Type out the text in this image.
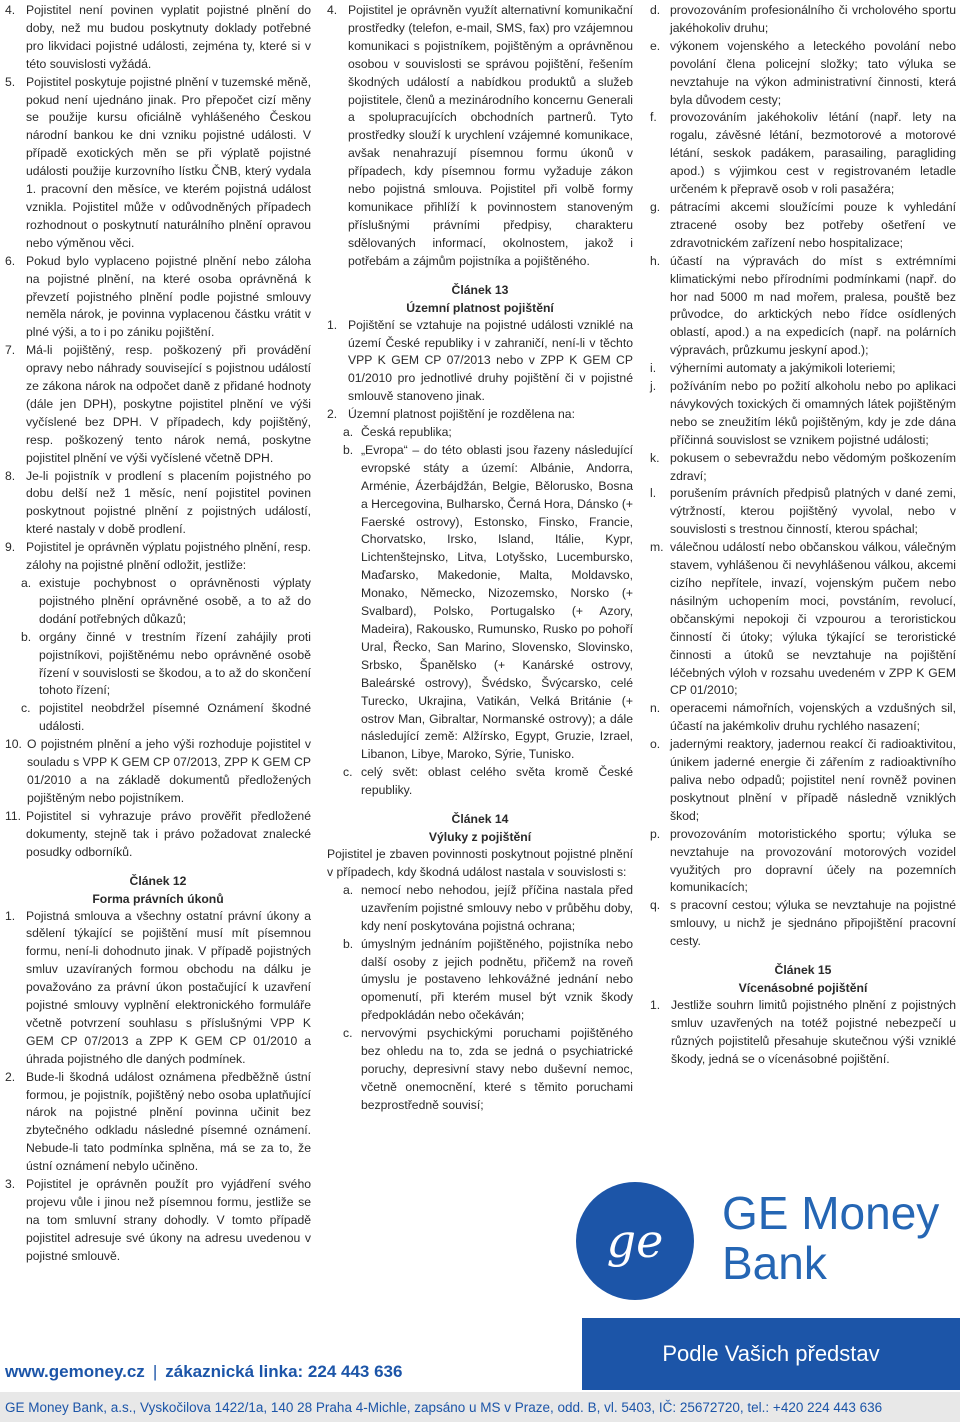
4. Pojistitel není povinen vyplatit pojistné plnění do doby, než mu budou poskytnuty doklady potřebné pro likvidaci pojistné události, zejména ty, které si v této souvislosti vyžádá.
5. Pojistitel poskytuje pojistné plnění v tuzemské měně, pokud není ujednáno jinak. Pro přepočet cizí měny se použije kursu oficiálně vyhlášeného Českou národní bankou ke dni vzniku pojistné události. V případě exotických měn se při výplatě pojistné události použije kurzovního lístku ČNB, který vydala 1. pracovní den měsíce, ve kterém pojistná událost vznikla. Pojistitel může v odůvodněných případech rozhodnout o poskytnutí naturálního plnění opravou nebo výměnou věci.
6. Pokud bylo vyplaceno pojistné plnění nebo záloha na pojistné plnění, na které osoba oprávněná k převzetí pojistného plnění podle pojistné smlouvy neměla nárok, je povinna vyplacenou částku vrátit v plné výši, a to i po zániku pojištění.
7. Má-li pojištěný, resp. poškozený při provádění opravy nebo náhrady související s pojistnou událostí ze zákona nárok na odpočet daně z přidané hodnoty (dále jen DPH), poskytne pojistitel plnění ve výši vyčíslené bez DPH. V případech, kdy pojištěný, resp. poškozený tento nárok nemá, poskytne pojistitel plnění ve výši vyčíslené včetně DPH.
8. Je-li pojistník v prodlení s placením pojistného po dobu delší než 1 měsíc, není pojistitel povinen poskytnout pojistné plnění z pojistných událostí, které nastaly v době prodlení.
9. Pojistitel je oprávněn výplatu pojistného plnění, resp. zálohy na pojistné plnění odložit, jestliže:
a. existuje pochybnost o oprávněnosti výplaty pojistného plnění oprávněné osobě, a to až do dodání potřebných důkazů;
b. orgány činné v trestním řízení zahájily proti pojistníkovi, pojištěnému nebo oprávněné osobě řízení v souvislosti se škodou, a to až do skončení tohoto řízení;
c. pojistitel neobdržel písemné Oznámení škodné události.
10. O pojistném plnění a jeho výši rozhoduje pojistitel v souladu s VPP K GEM CP 07/2013, ZPP K GEM CP 01/2010 a na základě dokumentů předložených pojištěným nebo pojistníkem.
11. Pojistitel si vyhrazuje právo prověřit předložené dokumenty, stejně tak i právo požadovat znalecké posudky odborníků.
Článek 12
Forma právních úkonů
1. Pojistná smlouva a všechny ostatní právní úkony a sdělení týkající se pojištění musí mít písemnou formu, není-li dohodnuto jinak. V případě pojistných smluv uzavíraných formou obchodu na dálku je považováno za právní úkon postačující k uzavření pojistné smlouvy vyplnění elektronického formuláře včetně potvrzení souhlasu s příslušnými VPP K GEM CP 07/2013 a ZPP K GEM CP 01/2010 a úhrada pojistného dle daných podmínek.
2. Bude-li škodná událost oznámena předběžně ústní formou, je pojistník, pojištěný nebo osoba uplatňující nárok na pojistné plnění povinna učinit bez zbytečného odkladu následné písemné oznámení. Nebude-li tato podmínka splněna, má se za to, že ústní oznámení nebylo učiněno.
3. Pojistitel je oprávněn použít pro vyjádření svého projevu vůle i jinou než písemnou formu, jestliže se na tom smluvní strany dohodly. V tomto případě pojistitel adresuje své úkony na adresu uvedenou v pojistné smlouvě.
4. Pojistitel je oprávněn využít alternativní komunikační prostředky (telefon, e-mail, SMS, fax) pro vzájemnou komunikaci s pojistníkem, pojištěným a oprávněnou osobou v souvislosti se správou pojištění, řešením škodných událostí a nabídkou produktů a služeb pojistitele, členů a mezinárodního koncernu Generali a spolupracujících obchodních partnerů. Tyto prostředky slouží k urychlení vzájemné komunikace, avšak nenahrazují písemnou formu úkonů v případech, kdy písemnou formu vyžaduje zákon nebo pojistná smlouva. Pojistitel při volbě formy komunikace přihlíží k povinnostem stanoveným příslušnými právními předpisy, charakteru sdělovaných informací, okolnostem, jakož i potřebám a zájmům pojistníka a pojištěného.
Článek 13
Územní platnost pojištění
1. Pojištění se vztahuje na pojistné události vzniklé na území České republiky i v zahraničí, není-li v těchto VPP K GEM CP 07/2013 nebo v ZPP K GEM CP 01/2010 pro jednotlivé druhy pojištění či v pojistné smlouvě stanoveno jinak.
2. Územní platnost pojištění je rozdělena na:
a. Česká republika;
b. „Evropa“ – do této oblasti jsou řazeny následující evropské státy a území: Albánie, Andorra, Arménie, Ázerbájdžán, Belgie, Bělorusko, Bosna a Hercegovina, Bulharsko, Černá Hora, Dánsko (+ Faerské ostrovy), Estonsko, Finsko, Francie, Chorvatsko, Irsko, Island, Itálie, Kypr, Lichtenštejnsko, Litva, Lotyšsko, Lucembursko, Maďarsko, Makedonie, Malta, Moldavsko, Monako, Německo, Nizozemsko, Norsko (+ Svalbard), Polsko, Portugalsko (+ Azory, Madeira), Rakousko, Rumunsko, Rusko po pohoří Ural, Řecko, San Marino, Slovensko, Slovinsko, Srbsko, Španělsko (+ Kanárské ostrovy, Baleárské ostrovy), Švédsko, Švýcarsko, celé Turecko, Ukrajina, Vatikán, Velká Británie (+ ostrov Man, Gibraltar, Normanské ostrovy); a dále následující země: Alžírsko, Egypt, Gruzie, Izrael, Libanon, Libye, Maroko, Sýrie, Tunisko.
c. celý svět: oblast celého světa kromě České republiky.
Článek 14
Výluky z pojištění
Pojistitel je zbaven povinnosti poskytnout pojistné plnění v případech, kdy škodná událost nastala v souvislosti s:
a. nemocí nebo nehodou, jejíž příčina nastala před uzavřením pojistné smlouvy nebo v průběhu doby, kdy není poskytována pojistná ochrana;
b. úmyslným jednáním pojištěného, pojistníka nebo další osoby z jejich podnětu, přičemž na roveň úmyslu je postaveno lehkovážné jednání nebo opomenutí, při kterém musel být vznik škody předpokládán nebo očekáván;
c. nervovými psychickými poruchami pojištěného bez ohledu na to, zda se jedná o psychiatrické poruchy, depresivní stavy nebo duševní nemoc, včetně onemocnění, které s těmito poruchami bezprostředně souvisí;
d. provozováním profesionálního či vrcholového sportu jakéhokoliv druhu;
e. výkonem vojenského a leteckého povolání nebo povolání člena policejní složky; tato výluka se nevztahuje na výkon administrativní činnosti, která byla důvodem cesty;
f.	provozováním jakéhokoliv létání (např. lety na rogalu, závěsné létání, bezmotorové a motorové létání, seskok padákem, parasailing, paragliding apod.) s výjimkou cest v registrovaném letadle určeném k přepravě osob v roli pasažéra;
g. pátracími akcemi sloužícími pouze k vyhledání ztracené osoby bez potřeby ošetření ve zdravotnickém zařízení nebo hospitalizace;
h. účastí na výpravách do míst s extrémními klimatickými nebo přírodními podmínkami (např. do hor nad 5000 m nad mořem, pralesa, pouště bez průvodce, do arktických nebo řídce osídlených oblastí, apod.) a na expedicích (např. na polárních výpravách, průzkumu jeskyní apod.);
i.	výherními automaty a jakýmikoli loteriemi;
j.	požíváním nebo po požití alkoholu nebo po aplikaci návykových toxických či omamných látek pojištěným nebo se zneužitím léků pojištěným, kdy je zde dána příčinná souvislost se vznikem pojistné události;
k. pokusem o sebevraždu nebo vědomým poškozením zdraví;
l.	porušením právních předpisů platných v dané zemi, výtržností, kterou pojištěný vyvolal, nebo v souvislosti s trestnou činností, kterou spáchal;
m. válečnou událostí nebo občanskou válkou, válečným stavem, vyhlášenou či nevyhlášenou válkou, akcemi cizího nepřítele, invazí, vojenským pučem nebo násilným uchopením moci, povstáním, revolucí, občanskými nepokoji či vzpourou a teroristickou činností či útoky; výluka týkající se teroristické činnosti a útoků se nevztahuje na pojištění léčebných výloh v rozsahu uvedeném v ZPP K GEM CP 01/2010;
n. operacemi námořních, vojenských a vzdušných sil, účastí na jakémkoliv druhu rychlého nasazení;
o. jadernými reaktory, jadernou reakcí či radioaktivitou, únikem jaderné energie či zářením z radioaktivního paliva nebo odpadů; pojistitel není rovněž povinen poskytnout plnění v případě následně vzniklých škod;
p. provozováním motoristického sportu; výluka se nevztahuje na provozování motorových vozidel využitých pro dopravní účely na pozemních komunikacích;
q. s pracovní cestou; výluka se nevztahuje na pojistné smlouvy, u nichž je sjednáno připojištění pracovní cesty.
Článek 15
Vícenásobné pojištění
1. Jestliže souhrn limitů pojistného plnění z pojistných smluv uzavřených na totéž pojistné nebezpečí u různých pojistitelů přesahuje skutečnou výši vzniklé škody, jedná se o vícenásobné pojištění.
ge
GE Money
Bank
Podle Vašich představ
www.gemoney.cz | zákaznická linka: 224 443 636
GE Money Bank, a.s., Vyskočilova 1422/1a, 140 28 Praha 4-Michle, zapsáno u MS v Praze, odd. B, vl. 5403, IČ: 25672720, tel.: +420 224 443 636
